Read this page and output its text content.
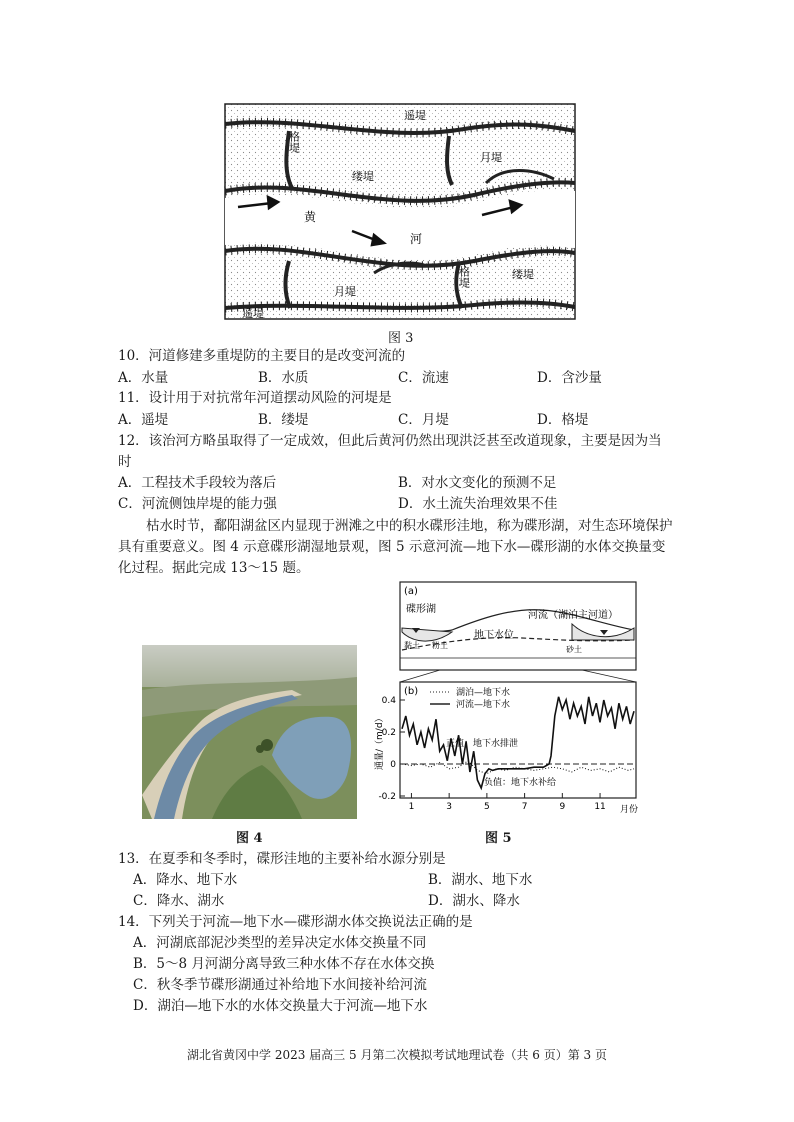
遥堤
格堤
缕堤
月堤
黄
河
格堤	缕堤
月堤
遥堤
图 3
10．河道修建多重堤防的主要目的是改变河流的
A．水量	B．水质	C．流速	D．含沙量
11．设计用于对抗常年河道摆动风险的河堤是
A．遥堤	B．缕堤	C．月堤	D．格堤
12．该治河方略虽取得了一定成效，但此后黄河仍然出现洪泛甚至改道现象，主要是因为当
时
A．工程技术手段较为落后	B．对水文变化的预测不足
C．河流侧蚀岸堤的能力强	D．水土流失治理效果不佳
枯水时节，鄱阳湖盆区内显现于洲滩之中的积水碟形洼地，称为碟形湖，对生态环境保护具有重要意义。图 4 示意碟形湖湿地景观，图 5 示意河流—地下水—碟形湖的水体交换量变化过程。据此完成 13～15 题。
图 4
(a)
碟形湖
河流（湖泊主河道）
黏土 粉土
地下水位
砂土
(b)	湖泊—地下水
河流—地下水
正值：地下水排泄
负值：地下水补给
通量/（m/d）
月份
0.4
0.2
0
-0.2
1	3	5	7	9	11
图 5
13．在夏季和冬季时，碟形洼地的主要补给水源分别是
A．降水、地下水	B．湖水、地下水
C．降水、湖水	D．湖水、降水
14．下列关于河流—地下水—碟形湖水体交换说法正确的是
A．河湖底部泥沙类型的差异决定水体交换量不同
B．5～8 月河湖分离导致三种水体不存在水体交换
C．秋冬季节碟形湖通过补给地下水间接补给河流
D．湖泊—地下水的水体交换量大于河流—地下水
湖北省黄冈中学 2023 届高三 5 月第二次模拟考试地理试卷（共 6 页）第 3 页
